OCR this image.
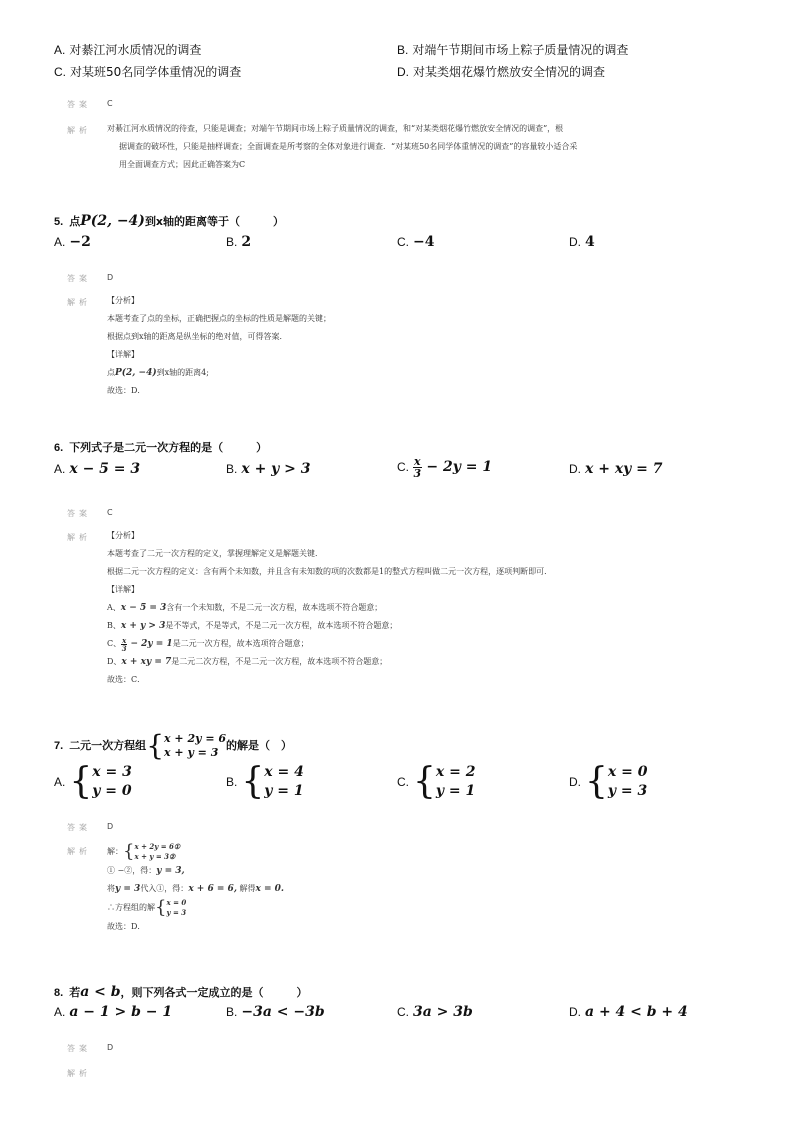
A. 对綦江河水质情况的调查	B. 对端午节期间市场上粽子质量情况的调查
C. 对某班50名同学体重情况的调查	D. 对某类烟花爆竹燃放安全情况的调查
答案 C
解析 对綦江河水质情况的待查，只能是调查；对端午节期间市场上粽子质量情况的调查，和“对某类烟花爆竹燃放安全情况的调查”，根
据调查的破坏性，只能是抽样调查；全面调查是所考察的全体对象进行调查．“对某班50名同学体重情况的调查”的容量较小适合采
用全面调查方式；因此正确答案为C
5. 点P(2, −4)到x轴的距离等于（　　　）
A. −2	B. 2	C. −4	D. 4
答案 D
解析 【分析】
本题考查了点的坐标，正确把握点的坐标的性质是解题的关键；
根据点到x轴的距离是纵坐标的绝对值，可得答案．
【详解】
点P(2, −4)到x轴的距离4;
故选：D．
6. 下列式子是二元一次方程的是（　　　）
A. x − 5 = 3	B. x + y > 3	C. $\frac{x}{3} - 2y = 1$	D. x + xy = 7
答案 C
解析 【分析】
本题考查了二元一次方程的定义，掌握理解定义是解题关键．
根据二元一次方程的定义：含有两个未知数，并且含有未知数的项的次数都是1的整式方程叫做二元一次方程，逐项判断即可．
【详解】
A、x − 5 = 3含有一个未知数，不是二元一次方程，故本选项不符合题意；
B、x + y > 3是不等式，不是等式，不是二元一次方程，故本选项不符合题意；
C、 $\frac{x}{3} - 2y = 1$是二元一次方程，故本选项符合题意；
D、x + xy = 7是二元二次方程，不是二元一次方程，故本选项不符合题意；
故选：C．
7. 二元一次方程组 { x + 2y = 6
x + y = 3
的解是（　）
A. { x = 3
y = 0
B. { x = 4
y = 1
C. { x = 2
y = 1
D. { x = 0
y = 3
答案 D
解析 解： { x + 2y = 6①
x + y = 3②
① −②，得：y = 3,
将y = 3代入①，得：x + 6 = 6, 解得x = 0.
∴方程组的解 { x = 0
y = 3
故选：D．
8. 若a < b，则下列各式一定成立的是（　　　）
A. a − 1 > b − 1	B. −3a < −3b	C. 3a > 3b	D. a + 4 < b + 4
答案 D
解析
